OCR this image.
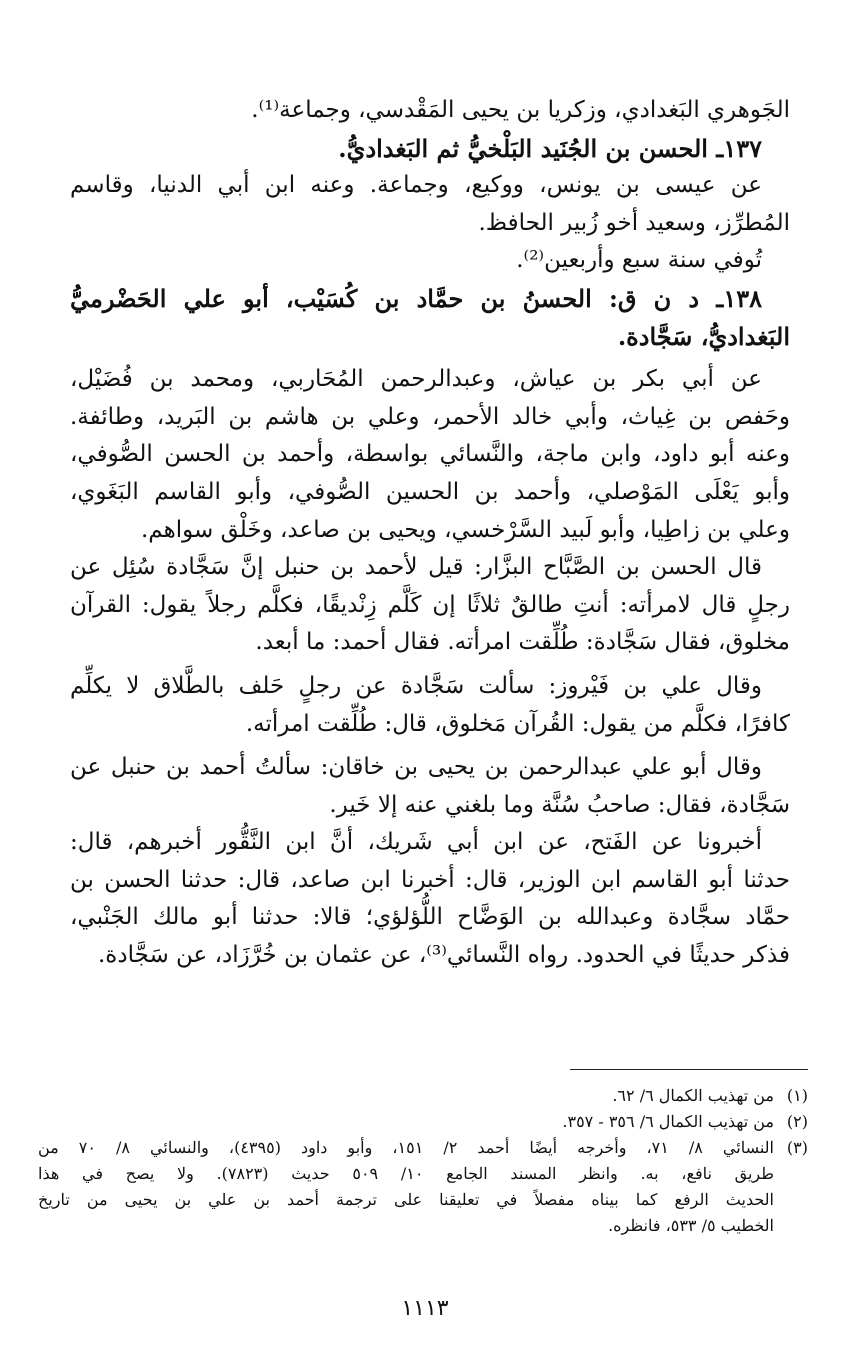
الجَوهري البَغدادي، وزكريا بن يحيى المَقْدسي، وجماعة⁽¹⁾.
١٣٧ـ الحسن بن الجُنَيد البَلْخيُّ ثم البَغداديُّ.
عن عيسى بن يونس، ووكيع، وجماعة. وعنه ابن أبي الدنيا، وقاسم
المُطرِّز، وسعيد أخو زُبير الحافظ.
تُوفي سنة سبع وأربعين⁽²⁾.
١٣٨ـ د ن ق: الحسنُ بن حمَّاد بن كُسَيْب، أبو علي الحَضْرميُّ
البَغداديُّ، سَجَّادة.
عن أبي بكر بن عياش، وعبدالرحمن المُحَاربي، ومحمد بن فُضَيْل،
وحَفص بن غِياث، وأبي خالد الأحمر، وعلي بن هاشم بن البَريد، وطائفة.
وعنه أبو داود، وابن ماجة، والنَّسائي بواسطة، وأحمد بن الحسن الصُّوفي،
وأبو يَعْلَى المَوْصلي، وأحمد بن الحسين الصُّوفي، وأبو القاسم البَغَوي،
وعلي بن زاطِيا، وأبو لَبيد السَّرْخسي، ويحيى بن صاعد، وخَلْق سواهم.
قال الحسن بن الصَّبَّاح البزَّار: قيل لأحمد بن حنبل إنَّ سَجَّادة سُئِل عن
رجلٍ قال لامرأته: أنتِ طالقٌ ثلاثًا إن كَلَّم زِنْديقًا، فكلَّم رجلاً يقول: القرآن
مخلوق، فقال سَجَّادة: طُلِّقت امرأته. فقال أحمد: ما أبعد.
وقال علي بن فَيْروز: سألت سَجَّادة عن رجلٍ حَلف بالطَّلاق لا يكلِّم
كافرًا، فكلَّم من يقول: القُرآن مَخلوق، قال: طُلِّقت امرأته.
وقال أبو علي عبدالرحمن بن يحيى بن خاقان: سألتُ أحمد بن حنبل عن
سَجَّادة، فقال: صاحبُ سُنَّة وما بلغني عنه إلا خَير.
أخبرونا عن الفَتح، عن ابن أبي شَريك، أنَّ ابن النَّقُّور أخبرهم، قال:
حدثنا أبو القاسم ابن الوزير، قال: أخبرنا ابن صاعد، قال: حدثنا الحسن بن
حمَّاد سجَّادة وعبدالله بن الوَضَّاح اللُّؤلؤي؛ قالا: حدثنا أبو مالك الجَنْبي،
فذكر حديثًا في الحدود. رواه النَّسائي⁽³⁾، عن عثمان بن خُرَّزَاد، عن سَجَّادة.
(١)
من تهذيب الكمال ٦/ ٦٢.
(٢)
من تهذيب الكمال ٦/ ٣٥٦ - ٣٥٧.
(٣)
النسائي ٨/ ٧١، وأخرجه أيضًا أحمد ٢/ ١٥١، وأبو داود (٤٣٩٥)، والنسائي ٨/ ٧٠ من
طريق نافع، به. وانظر المسند الجامع ١٠/ ٥٠٩ حديث (٧٨٢٣). ولا يصح في هذا
الحديث الرفع كما بيناه مفصلاً في تعليقنا على ترجمة أحمد بن علي بن يحيى من تاريخ
الخطيب ٥/ ٥٣٣، فانظره.
١١١٣
